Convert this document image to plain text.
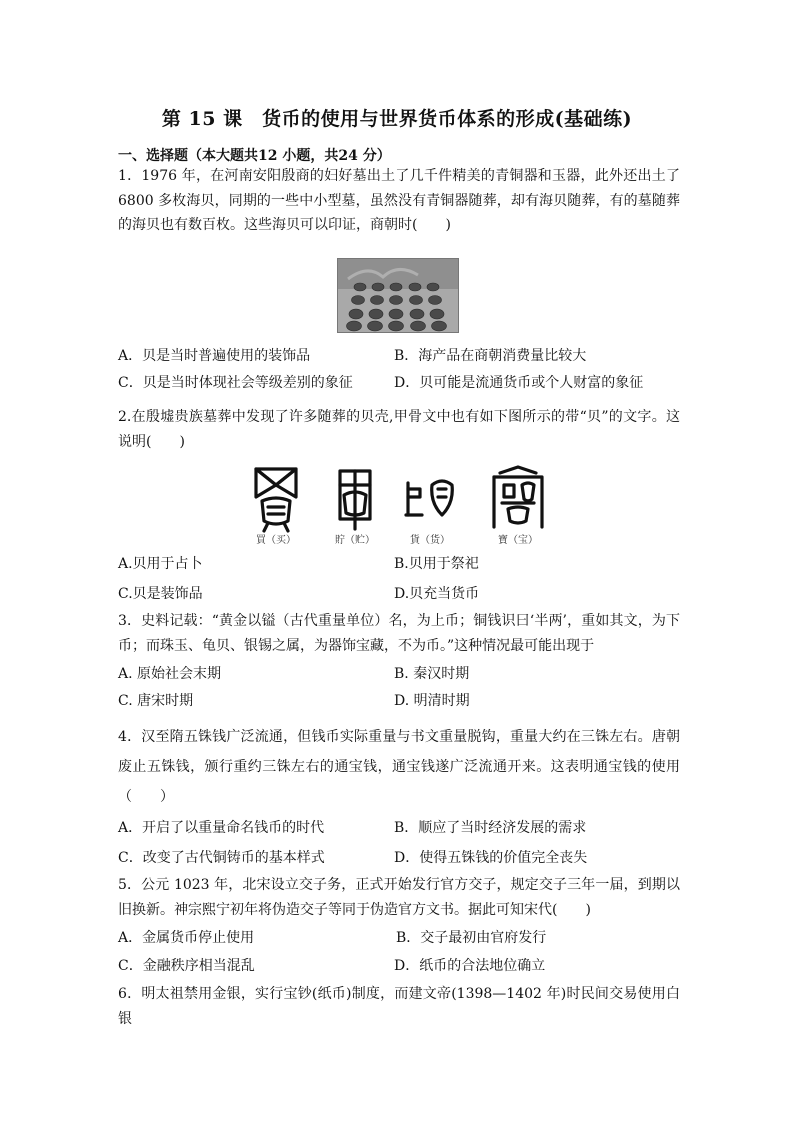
第 15 课　货币的使用与世界货币体系的形成(基础练)
一、选择题（本大题共12 小题，共24 分）
1．1976 年，在河南安阳殷商的妇好墓出土了几千件精美的青铜器和玉器，此外还出土了 6800 多枚海贝，同期的一些中小型墓，虽然没有青铜器随葬，却有海贝随葬，有的墓随葬的海贝也有数百枚。这些海贝可以印证，商朝时(　　)
A．贝是当时普遍使用的装饰品	B．海产品在商朝消费量比较大
C．贝是当时体现社会等级差别的象征	D．贝可能是流通货币或个人财富的象征
2.在殷墟贵族墓葬中发现了许多随葬的贝壳,甲骨文中也有如下图所示的带“贝”的文字。这说明(　　)
買（买）	貯（贮）	貨（货）	寶（宝）
A.贝用于占卜	B.贝用于祭祀
C.贝是装饰品	D.贝充当货币
3．史料记载：“黄金以镒（古代重量单位）名，为上币；铜钱识曰‘半两’，重如其文，为下币；而珠玉、龟贝、银锡之属，为器饰宝藏，不为币。”这种情况最可能出现于
A. 原始社会末期	B. 秦汉时期
C. 唐宋时期	D. 明清时期
4．汉至隋五铢钱广泛流通，但钱币实际重量与书文重量脱钩，重量大约在三铢左右。唐朝废止五铢钱，颁行重约三铢左右的通宝钱，通宝钱遂广泛流通开来。这表明通宝钱的使用（　　）
A．开启了以重量命名钱币的时代	B．顺应了当时经济发展的需求
C．改变了古代铜铸币的基本样式	D．使得五铢钱的价值完全丧失
5．公元 1023 年，北宋设立交子务，正式开始发行官方交子，规定交子三年一届，到期以旧换新。神宗熙宁初年将伪造交子等同于伪造官方文书。据此可知宋代(　　)
A．金属货币停止使用	B．交子最初由官府发行
C．金融秩序相当混乱	D．纸币的合法地位确立
6．明太祖禁用金银，实行宝钞(纸币)制度，而建文帝(1398—1402 年)时民间交易使用白银
